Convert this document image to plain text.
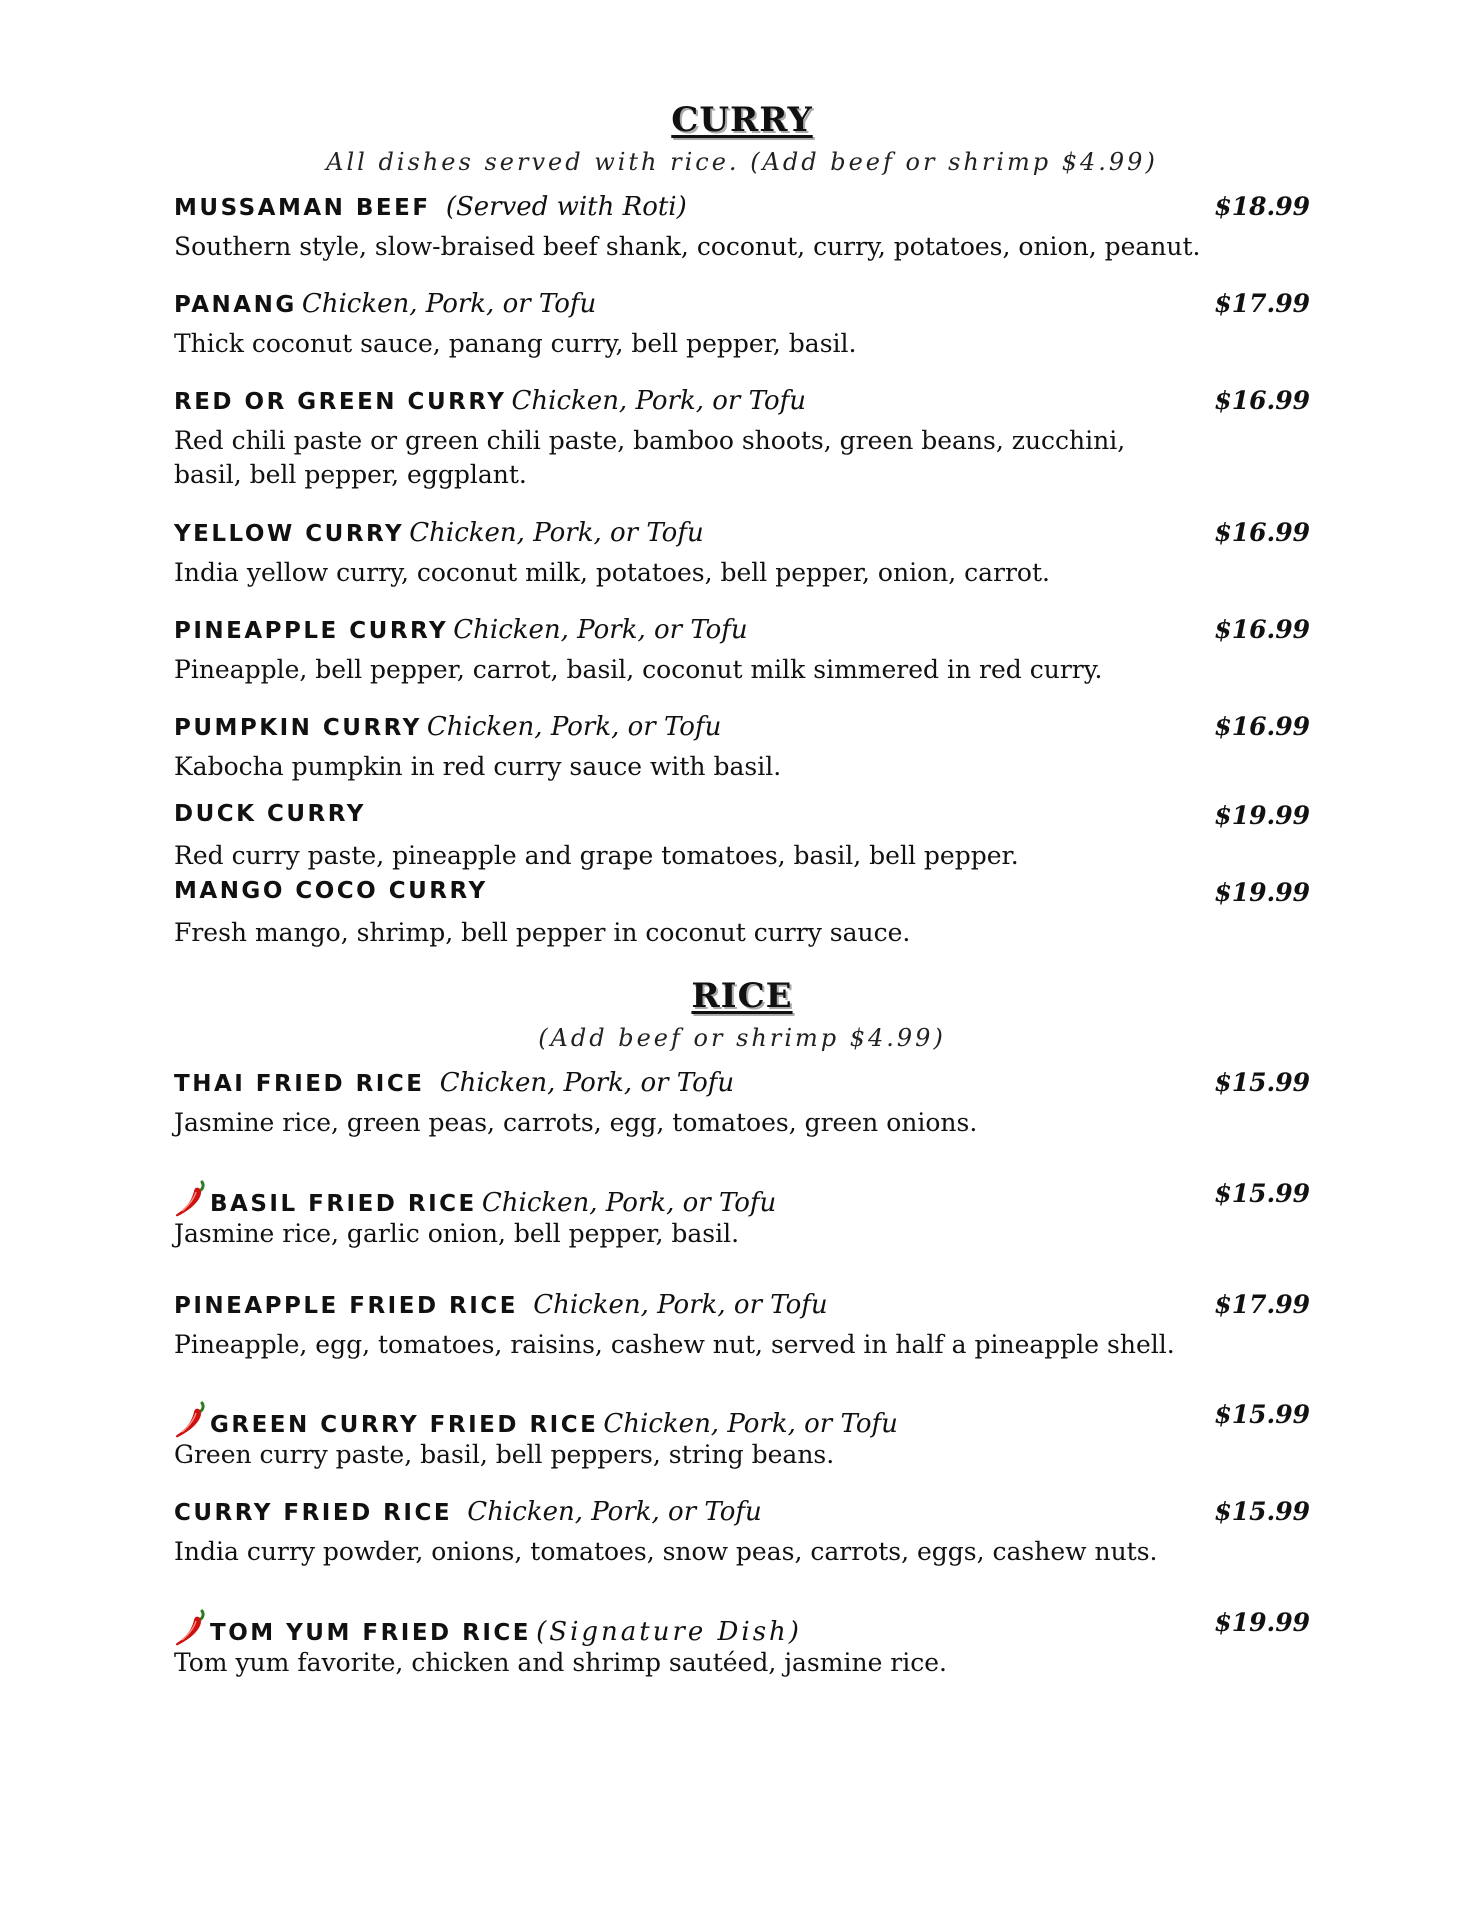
CURRY
All dishes served with rice. (Add beef or shrimp $4.99)
MUSSAMAN BEEF (Served with Roti)	$18.99
Southern style, slow-braised beef shank, coconut, curry, potatoes, onion, peanut.
PANANG Chicken, Pork, or Tofu	$17.99
Thick coconut sauce, panang curry, bell pepper, basil.
RED OR GREEN CURRY Chicken, Pork, or Tofu	$16.99
Red chili paste or green chili paste, bamboo shoots, green beans, zucchini,
basil, bell pepper, eggplant.
YELLOW CURRY Chicken, Pork, or Tofu	$16.99
India yellow curry, coconut milk, potatoes, bell pepper, onion, carrot.
PINEAPPLE CURRY Chicken, Pork, or Tofu	$16.99
Pineapple, bell pepper, carrot, basil, coconut milk simmered in red curry.
PUMPKIN CURRY Chicken, Pork, or Tofu	$16.99
Kabocha pumpkin in red curry sauce with basil.
DUCK CURRY	$19.99
Red curry paste, pineapple and grape tomatoes, basil, bell pepper.
MANGO COCO CURRY	$19.99
Fresh mango, shrimp, bell pepper in coconut curry sauce.
RICE
(Add beef or shrimp $4.99)
THAI FRIED RICE Chicken, Pork, or Tofu	$15.99
Jasmine rice, green peas, carrots, egg, tomatoes, green onions.
BASIL FRIED RICE Chicken, Pork, or Tofu	$15.99
Jasmine rice, garlic onion, bell pepper, basil.
PINEAPPLE FRIED RICE Chicken, Pork, or Tofu	$17.99
Pineapple, egg, tomatoes, raisins, cashew nut, served in half a pineapple shell.
GREEN CURRY FRIED RICE Chicken, Pork, or Tofu	$15.99
Green curry paste, basil, bell peppers, string beans.
CURRY FRIED RICE Chicken, Pork, or Tofu	$15.99
India curry powder, onions, tomatoes, snow peas, carrots, eggs, cashew nuts.
TOM YUM FRIED RICE (Signature Dish)	$19.99
Tom yum favorite, chicken and shrimp sautéed, jasmine rice.
